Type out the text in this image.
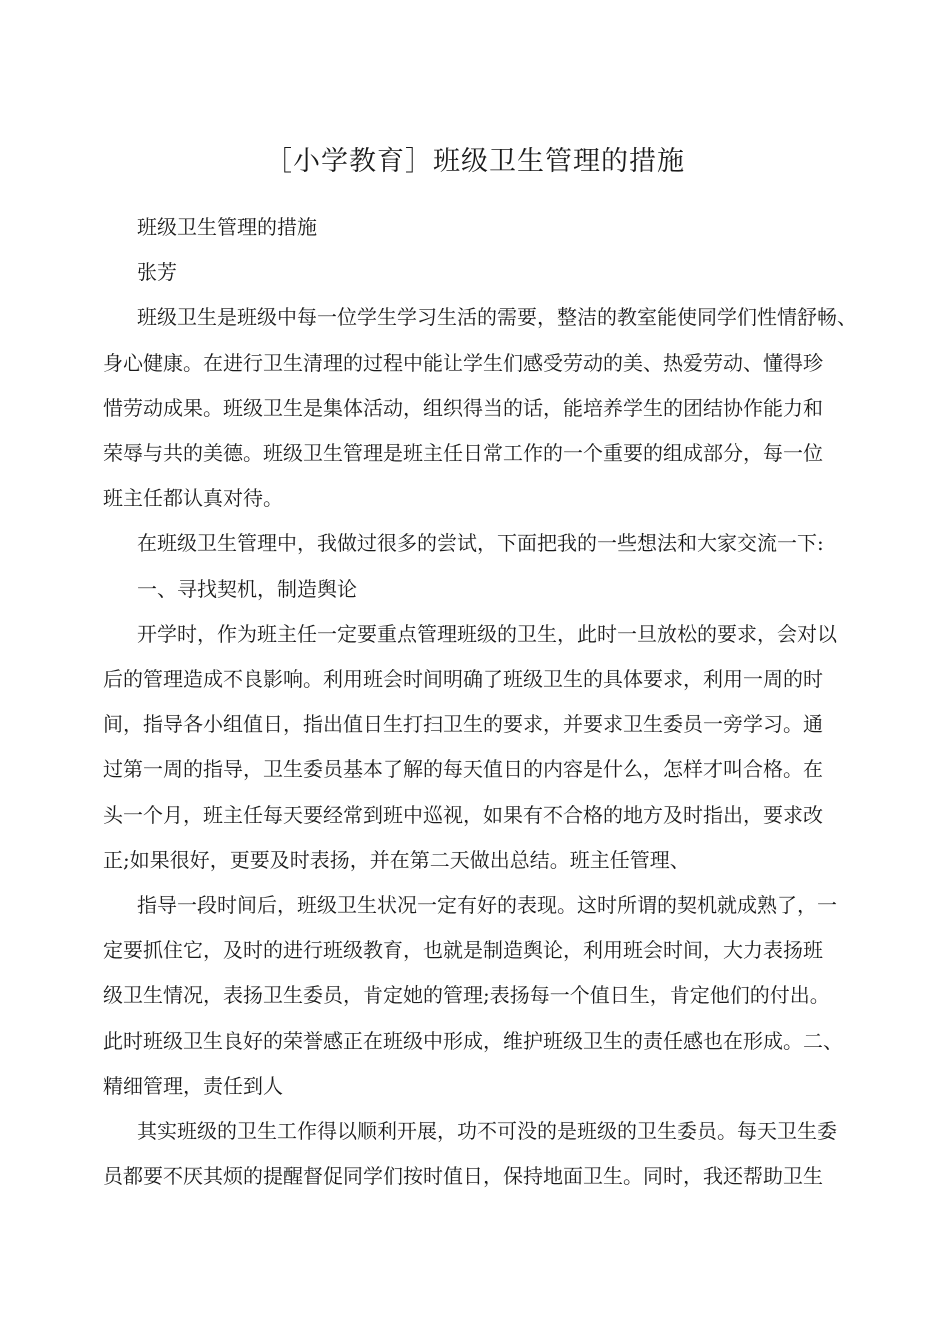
［小学教育］班级卫生管理的措施

班级卫生管理的措施

张芳

班级卫生是班级中每一位学生学习生活的需要，整洁的教室能使同学们性情舒畅、

身心健康。在进行卫生清理的过程中能让学生们感受劳动的美、热爱劳动、懂得珍

惜劳动成果。班级卫生是集体活动，组织得当的话，能培养学生的团结协作能力和

荣辱与共的美德。班级卫生管理是班主任日常工作的一个重要的组成部分，每一位

班主任都认真对待。

在班级卫生管理中，我做过很多的尝试，下面把我的一些想法和大家交流一下:

一、寻找契机，制造舆论

开学时，作为班主任一定要重点管理班级的卫生，此时一旦放松的要求，会对以

后的管理造成不良影响。利用班会时间明确了班级卫生的具体要求，利用一周的时

间，指导各小组值日，指出值日生打扫卫生的要求，并要求卫生委员一旁学习。通

过第一周的指导，卫生委员基本了解的每天值日的内容是什么，怎样才叫合格。在

头一个月，班主任每天要经常到班中巡视，如果有不合格的地方及时指出，要求改

正;如果很好，更要及时表扬，并在第二天做出总结。班主任管理、

指导一段时间后，班级卫生状况一定有好的表现。这时所谓的契机就成熟了，一

定要抓住它，及时的进行班级教育，也就是制造舆论，利用班会时间，大力表扬班

级卫生情况，表扬卫生委员，肯定她的管理;表扬每一个值日生，肯定他们的付出。

此时班级卫生良好的荣誉感正在班级中形成，维护班级卫生的责任感也在形成。二、

精细管理，责任到人

其实班级的卫生工作得以顺利开展，功不可没的是班级的卫生委员。每天卫生委

员都要不厌其烦的提醒督促同学们按时值日，保持地面卫生。同时，我还帮助卫生
